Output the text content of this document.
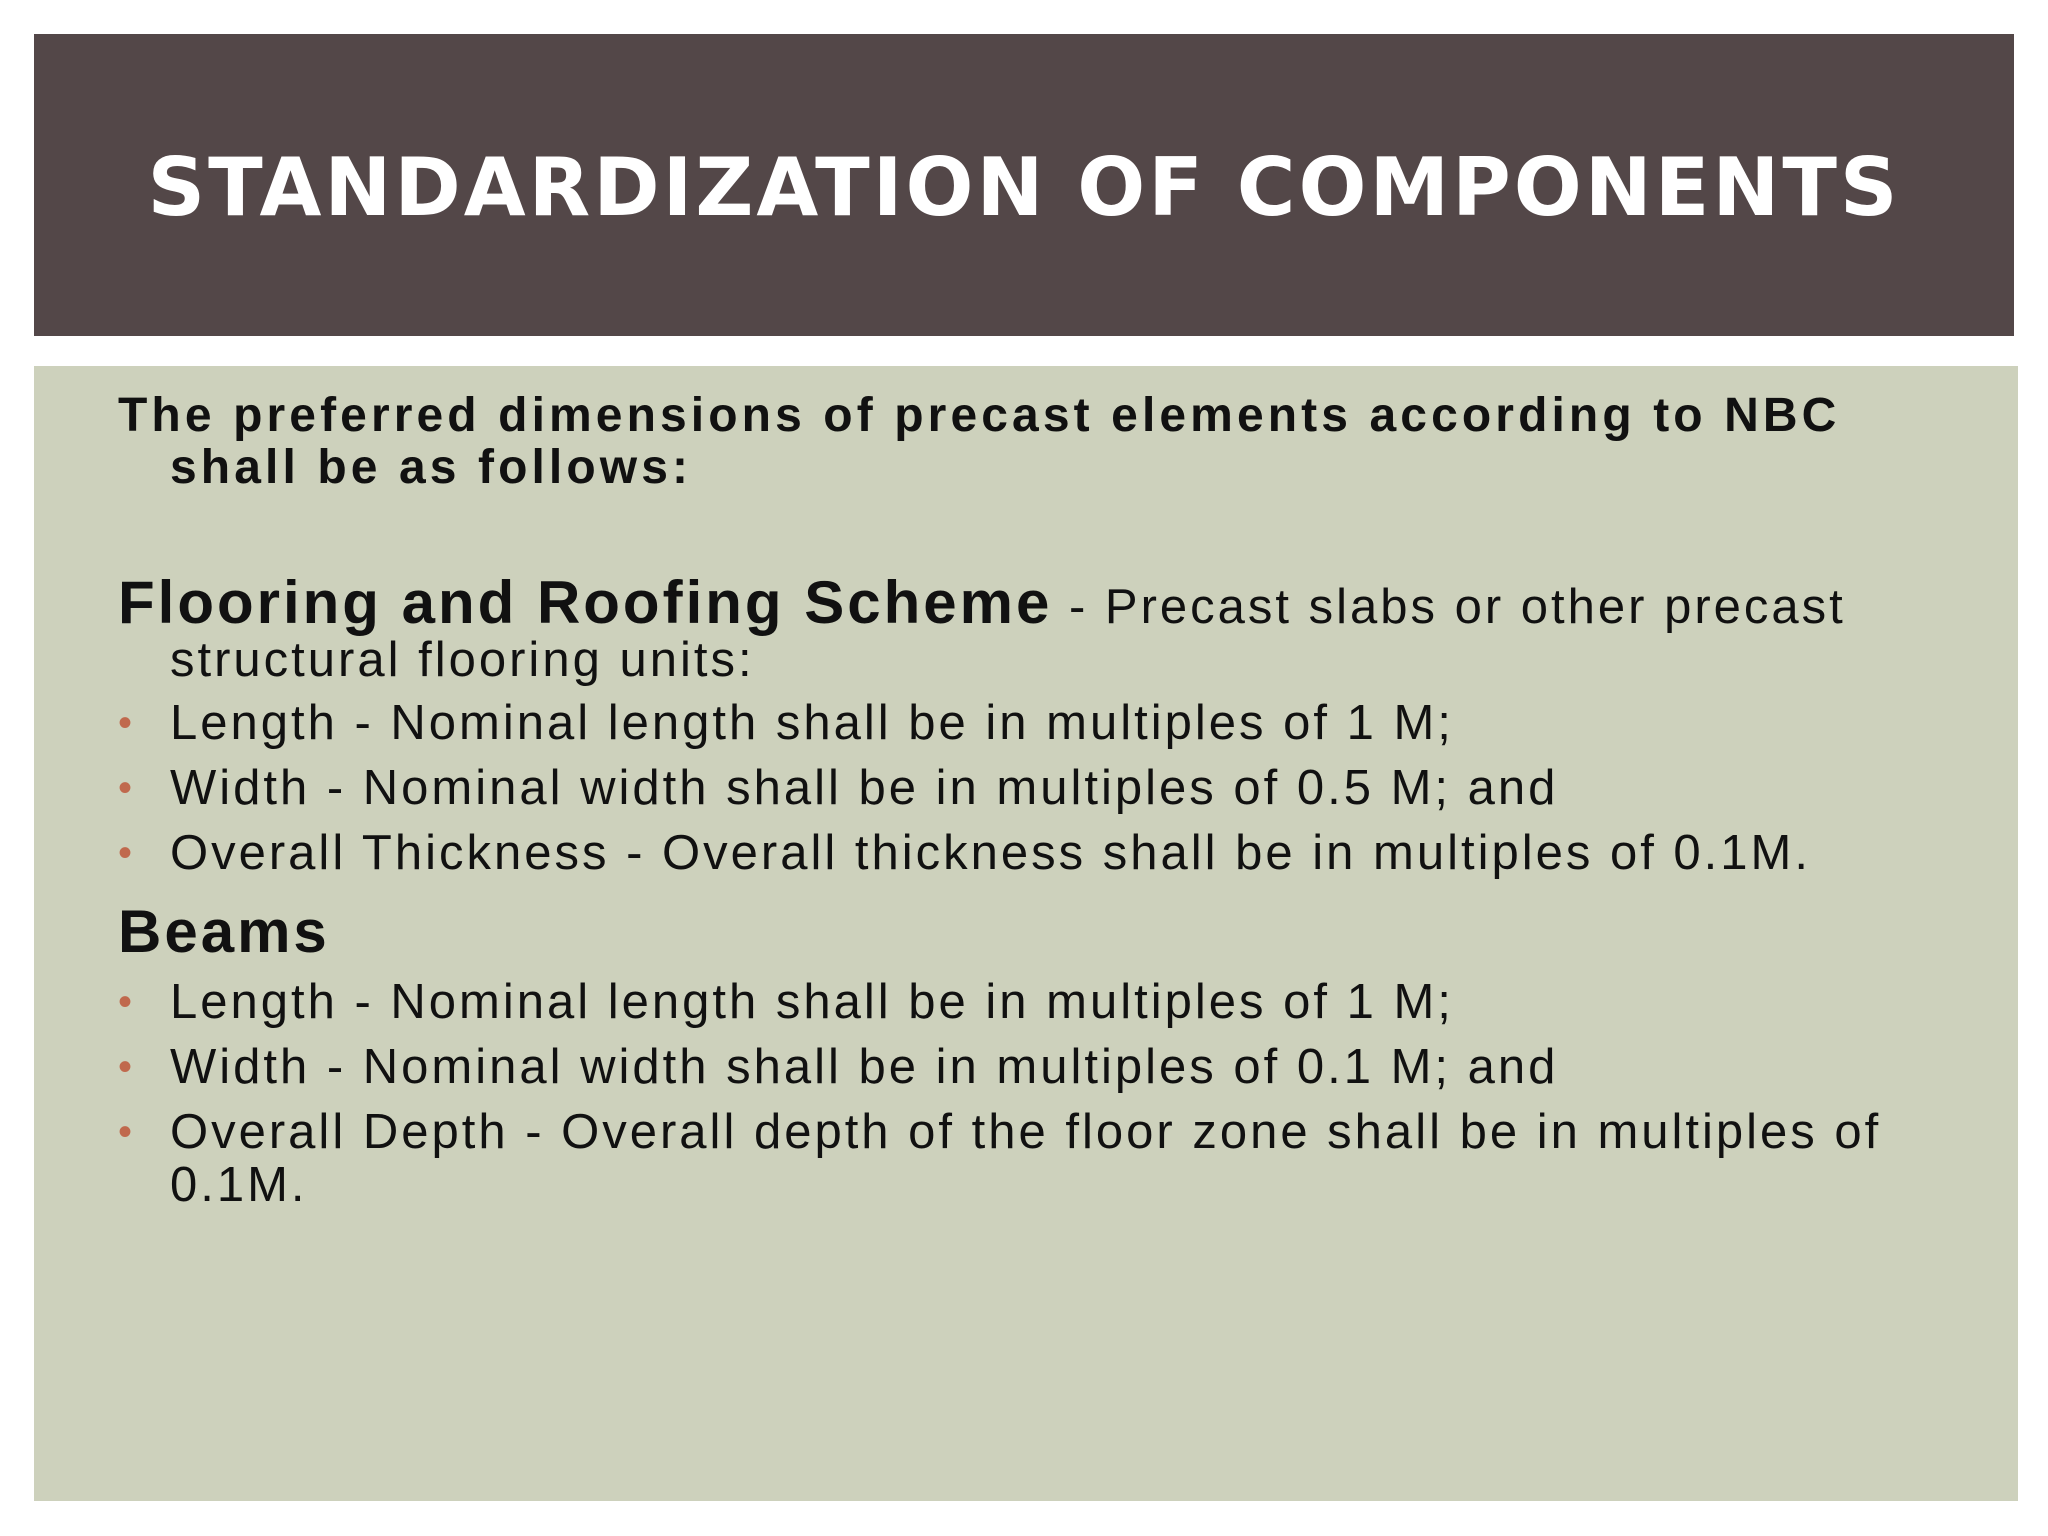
STANDARDIZATION OF COMPONENTS

The preferred dimensions of precast elements according to NBC shall be as follows:

Flooring and Roofing Scheme - Precast slabs or other precast structural flooring units:

• Length - Nominal length shall be in multiples of 1 M;
• Width - Nominal width shall be in multiples of 0.5 M; and
• Overall Thickness - Overall thickness shall be in multiples of 0.1M.

Beams

• Length - Nominal length shall be in multiples of 1 M;
• Width - Nominal width shall be in multiples of 0.1 M; and
• Overall Depth - Overall depth of the floor zone shall be in multiples of 0.1M.
